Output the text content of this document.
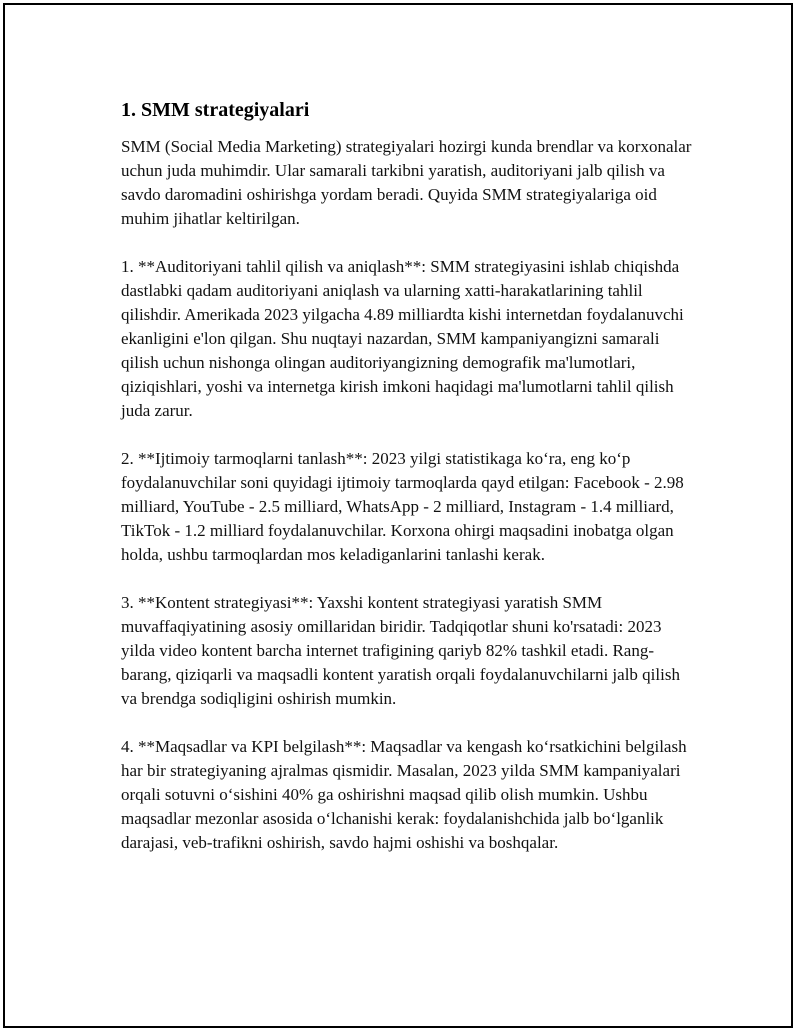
1. SMM strategiyalari

SMM (Social Media Marketing) strategiyalari hozirgi kunda brendlar va korxonalar uchun juda muhimdir. Ular samarali tarkibni yaratish, auditoriyani jalb qilish va savdo daromadini oshirishga yordam beradi. Quyida SMM strategiyalariga oid muhim jihatlar keltirilgan.

1. **Auditoriyani tahlil qilish va aniqlash**: SMM strategiyasini ishlab chiqishda dastlabki qadam auditoriyani aniqlash va ularning xatti-harakatlarining tahlil qilishdir. Amerikada 2023 yilgacha 4.89 milliardta kishi internetdan foydalanuvchi ekanligini e'lon qilgan. Shu nuqtayi nazardan, SMM kampaniyangizni samarali qilish uchun nishonga olingan auditoriyangizning demografik ma'lumotlari, qiziqishlari, yoshi va internetga kirish imkoni haqidagi ma'lumotlarni tahlil qilish juda zarur.

2. **Ijtimoiy tarmoqlarni tanlash**: 2023 yilgi statistikaga ko‘ra, eng ko‘p foydalanuvchilar soni quyidagi ijtimoiy tarmoqlarda qayd etilgan: Facebook - 2.98 milliard, YouTube - 2.5 milliard, WhatsApp - 2 milliard, Instagram - 1.4 milliard, TikTok - 1.2 milliard foydalanuvchilar. Korxona ohirgi maqsadini inobatga olgan holda, ushbu tarmoqlardan mos keladiganlarini tanlashi kerak.

3. **Kontent strategiyasi**: Yaxshi kontent strategiyasi yaratish SMM muvaffaqiyatining asosiy omillaridan biridir. Tadqiqotlar shuni ko'rsatadi: 2023 yilda video kontent barcha internet trafigining qariyb 82% tashkil etadi. Rang-barang, qiziqarli va maqsadli kontent yaratish orqali foydalanuvchilarni jalb qilish va brendga sodiqligini oshirish mumkin.

4. **Maqsadlar va KPI belgilash**: Maqsadlar va kengash ko‘rsatkichini belgilash har bir strategiyaning ajralmas qismidir. Masalan, 2023 yilda SMM kampaniyalari orqali sotuvni o‘sishini 40% ga oshirishni maqsad qilib olish mumkin. Ushbu maqsadlar mezonlar asosida o‘lchanishi kerak: foydalanishchida jalb bo‘lganlik darajasi, veb-trafikni oshirish, savdo hajmi oshishi va boshqalar.
